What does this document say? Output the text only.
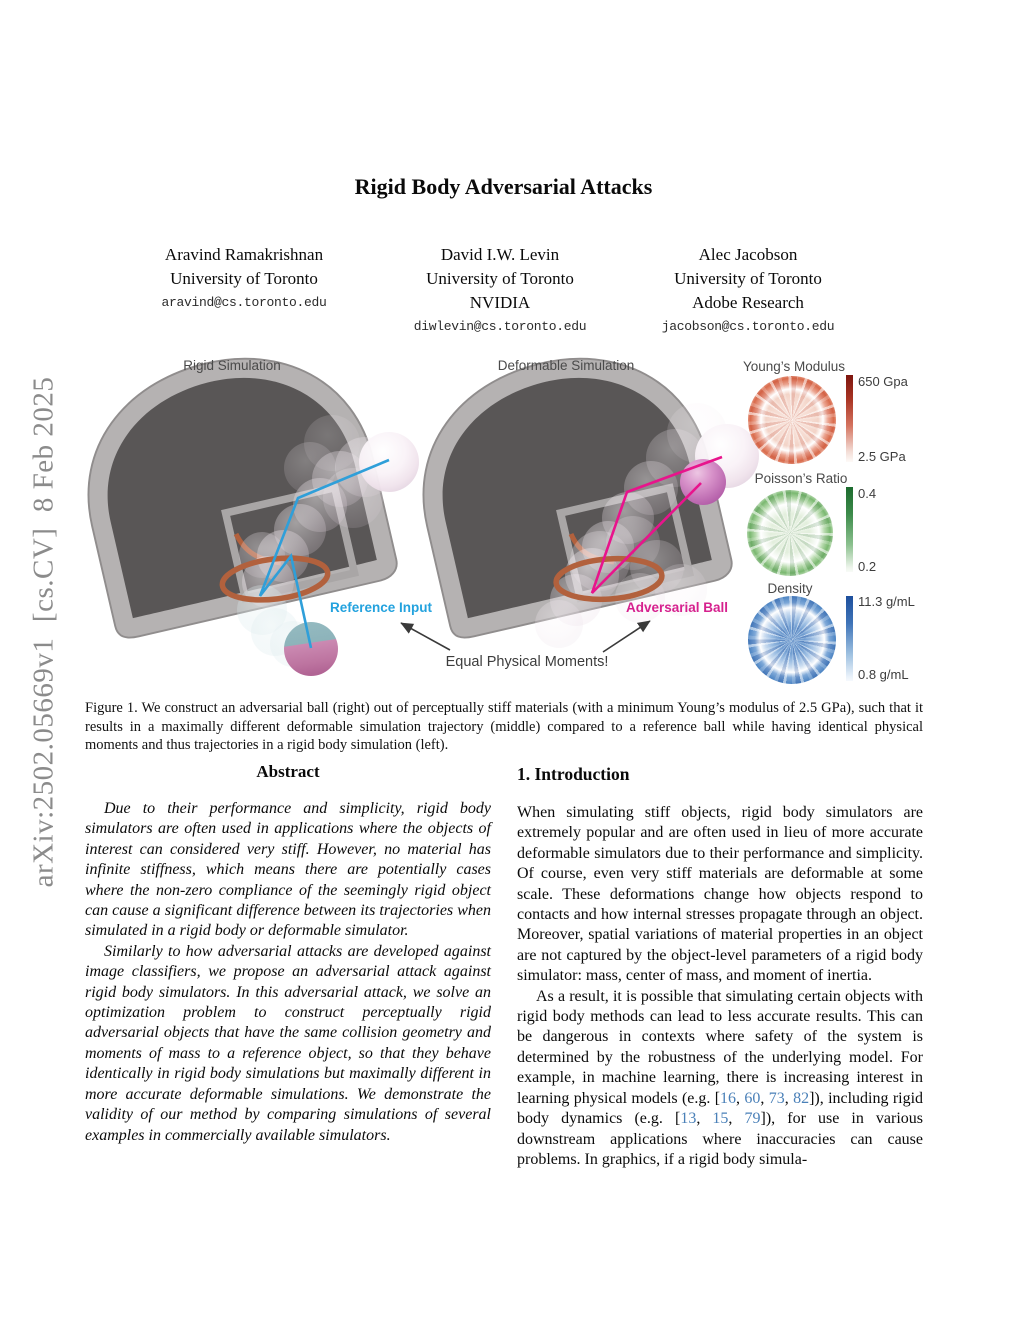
arXiv:2502.05669v1  [cs.CV]  8 Feb 2025
Rigid Body Adversarial Attacks
Aravind Ramakrishnan
University of Toronto
aravind@cs.toronto.edu
David I.W. Levin
University of Toronto
NVIDIA
diwlevin@cs.toronto.edu
Alec Jacobson
University of Toronto
Adobe Research
jacobson@cs.toronto.edu
Rigid Simulation	Deformable Simulation
Reference Input	Adversarial Ball
Equal Physical Moments!
Young’s Modulus
650 Gpa
2.5 GPa
Poisson’s Ratio
0.4
0.2
Density
11.3 g/mL
0.8 g/mL
Figure 1. We construct an adversarial ball (right) out of perceptually stiff materials (with a minimum Young’s modulus of 2.5 GPa), such that it results in a maximally different deformable simulation trajectory (middle) compared to a reference ball while having identical physical moments and thus trajectories in a rigid body simulation (left).
Abstract

Due to their performance and simplicity, rigid body simulators are often used in applications where the objects of interest can considered very stiff. However, no material has infinite stiffness, which means there are potentially cases where the non-zero compliance of the seemingly rigid object can cause a significant difference between its trajectories when simulated in a rigid body or deformable simulator.

Similarly to how adversarial attacks are developed against image classifiers, we propose an adversarial attack against rigid body simulators. In this adversarial attack, we solve an optimization problem to construct perceptually rigid adversarial objects that have the same collision geometry and moments of mass to a reference object, so that they behave identically in rigid body simulations but maximally different in more accurate deformable simulations. We demonstrate the validity of our method by comparing simulations of several examples in commercially available simulators.

1. Introduction

When simulating stiff objects, rigid body simulators are extremely popular and are often used in lieu of more accurate deformable simulators due to their performance and simplicity. Of course, even very stiff materials are deformable at some scale. These deformations change how objects respond to contacts and how internal stresses propagate through an object. Moreover, spatial variations of material properties in an object are not captured by the object-level parameters of a rigid body simulator: mass, center of mass, and moment of inertia.

As a result, it is possible that simulating certain objects with rigid body methods can lead to less accurate results. This can be dangerous in contexts where safety of the system is determined by the robustness of the underlying model. For example, in machine learning, there is increasing interest in learning physical models (e.g. [16, 60, 73, 82]), including rigid body dynamics (e.g. [13, 15, 79]), for use in various downstream applications where inaccuracies can cause problems. In graphics, if a rigid body simula-
